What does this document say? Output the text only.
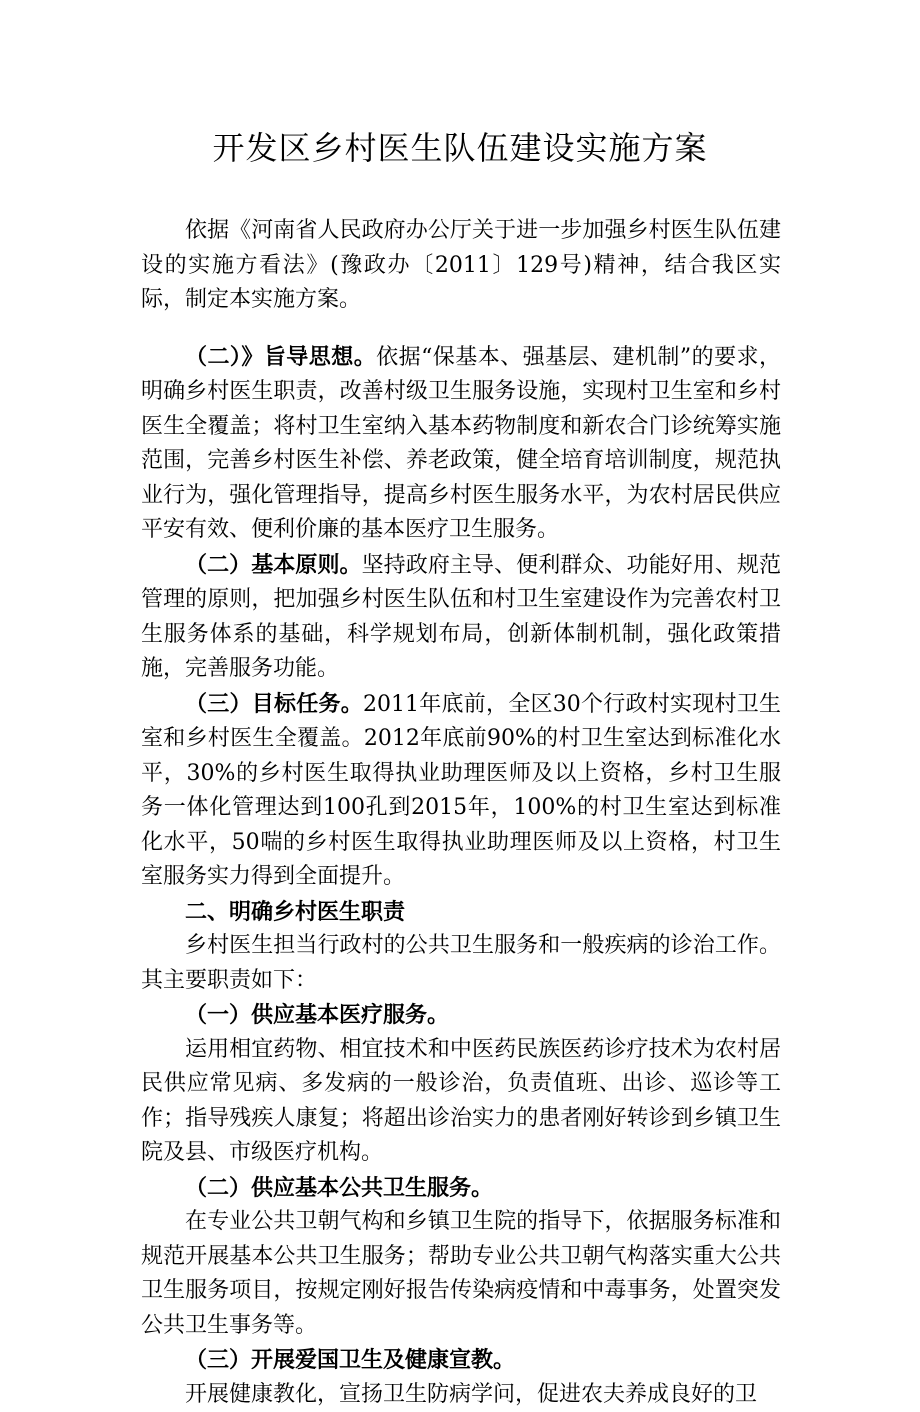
开发区乡村医生队伍建设实施方案

依据《河南省人民政府办公厅关于进一步加强乡村医生队伍建设的实施方看法》(豫政办〔2011〕129号)精神，结合我区实际，制定本实施方案。

（二）》旨导思想。依据“保基本、强基层、建机制”的要求，明确乡村医生职责，改善村级卫生服务设施，实现村卫生室和乡村医生全覆盖；将村卫生室纳入基本药物制度和新农合门诊统筹实施范围，完善乡村医生补偿、养老政策，健全培育培训制度，规范执业行为，强化管理指导，提高乡村医生服务水平，为农村居民供应平安有效、便利价廉的基本医疗卫生服务。

（二）基本原则。坚持政府主导、便利群众、功能好用、规范管理的原则，把加强乡村医生队伍和村卫生室建设作为完善农村卫生服务体系的基础，科学规划布局，创新体制机制，强化政策措施，完善服务功能。

（三）目标任务。2011年底前，全区30个行政村实现村卫生室和乡村医生全覆盖。2012年底前90%的村卫生室达到标准化水平，30%的乡村医生取得执业助理医师及以上资格，乡村卫生服务一体化管理达到100孔到2015年，100%的村卫生室达到标准化水平，50喘的乡村医生取得执业助理医师及以上资格，村卫生室服务实力得到全面提升。

二、明确乡村医生职责

乡村医生担当行政村的公共卫生服务和一般疾病的诊治工作。其主要职责如下：

（一）供应基本医疗服务。

运用相宜药物、相宜技术和中医药民族医药诊疗技术为农村居民供应常见病、多发病的一般诊治，负责值班、出诊、巡诊等工作；指导残疾人康复；将超出诊治实力的患者刚好转诊到乡镇卫生院及县、市级医疗机构。

（二）供应基本公共卫生服务。

在专业公共卫朝气构和乡镇卫生院的指导下，依据服务标准和规范开展基本公共卫生服务；帮助专业公共卫朝气构落实重大公共卫生服务项目，按规定刚好报告传染病疫情和中毒事务，处置突发公共卫生事务等。

（三）开展爱国卫生及健康宣教。

开展健康教化，宣扬卫生防病学问，促进农夫养成良好的卫
